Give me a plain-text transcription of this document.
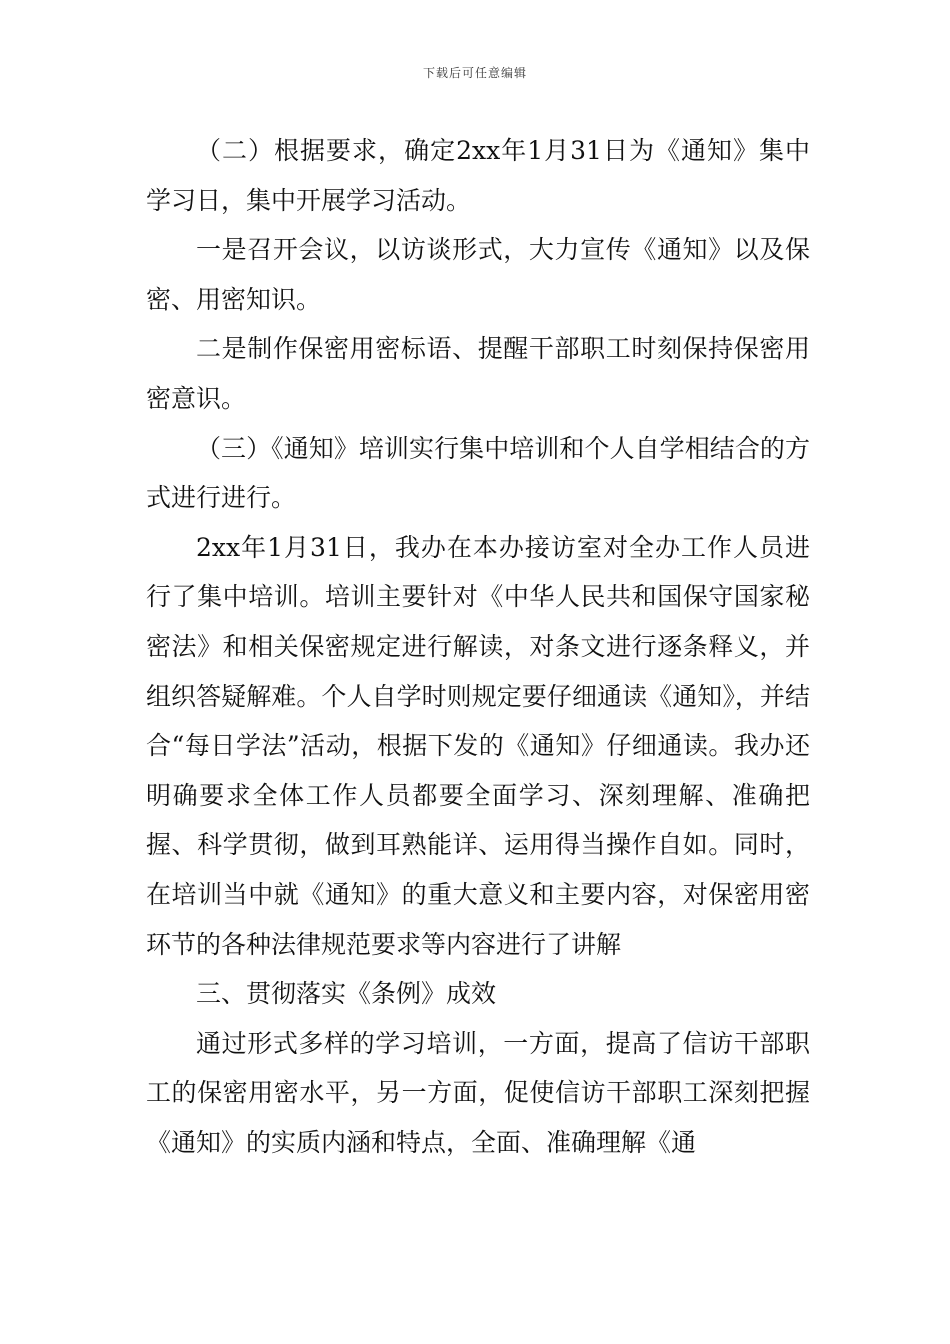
下载后可任意编辑

（二）根据要求，确定2xx年1月31日为《通知》集中学习日，集中开展学习活动。

一是召开会议，以访谈形式，大力宣传《通知》以及保密、用密知识。

二是制作保密用密标语、提醒干部职工时刻保持保密用密意识。

（三）《通知》培训实行集中培训和个人自学相结合的方式进行进行。

2xx年1月31日，我办在本办接访室对全办工作人员进行了集中培训。培训主要针对《中华人民共和国保守国家秘密法》和相关保密规定进行解读，对条文进行逐条释义，并组织答疑解难。个人自学时则规定要仔细通读《通知》，并结合“每日学法”活动，根据下发的《通知》仔细通读。我办还明确要求全体工作人员都要全面学习、深刻理解、准确把握、科学贯彻，做到耳熟能详、运用得当操作自如。同时，在培训当中就《通知》的重大意义和主要内容，对保密用密环节的各种法律规范要求等内容进行了讲解

三、贯彻落实《条例》成效

通过形式多样的学习培训，一方面，提高了信访干部职工的保密用密水平，另一方面，促使信访干部职工深刻把握《通知》的实质内涵和特点，全面、准确理解《通
